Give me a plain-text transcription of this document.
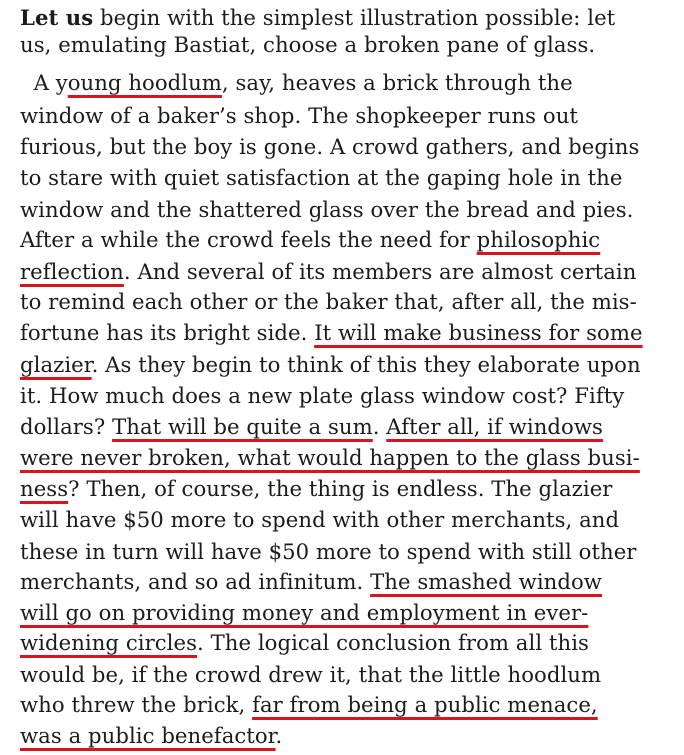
Let us begin with the simplest illustration possible: let
us, emulating Bastiat, choose a broken pane of glass.
A young hoodlum, say, heaves a brick through the
window of a baker’s shop. The shopkeeper runs out
furious, but the boy is gone. A crowd gathers, and begins
to stare with quiet satisfaction at the gaping hole in the
window and the shattered glass over the bread and pies.
After a while the crowd feels the need for philosophic
reflection. And several of its members are almost certain
to remind each other or the baker that, after all, the mis-
fortune has its bright side. It will make business for some
glazier. As they begin to think of this they elaborate upon
it. How much does a new plate glass window cost? Fifty
dollars? That will be quite a sum. After all, if windows
were never broken, what would happen to the glass busi-
ness? Then, of course, the thing is endless. The glazier
will have $50 more to spend with other merchants, and
these in turn will have $50 more to spend with still other
merchants, and so ad infinitum. The smashed window
will go on providing money and employment in ever-
widening circles. The logical conclusion from all this
would be, if the crowd drew it, that the little hoodlum
who threw the brick, far from being a public menace,
was a public benefactor.
